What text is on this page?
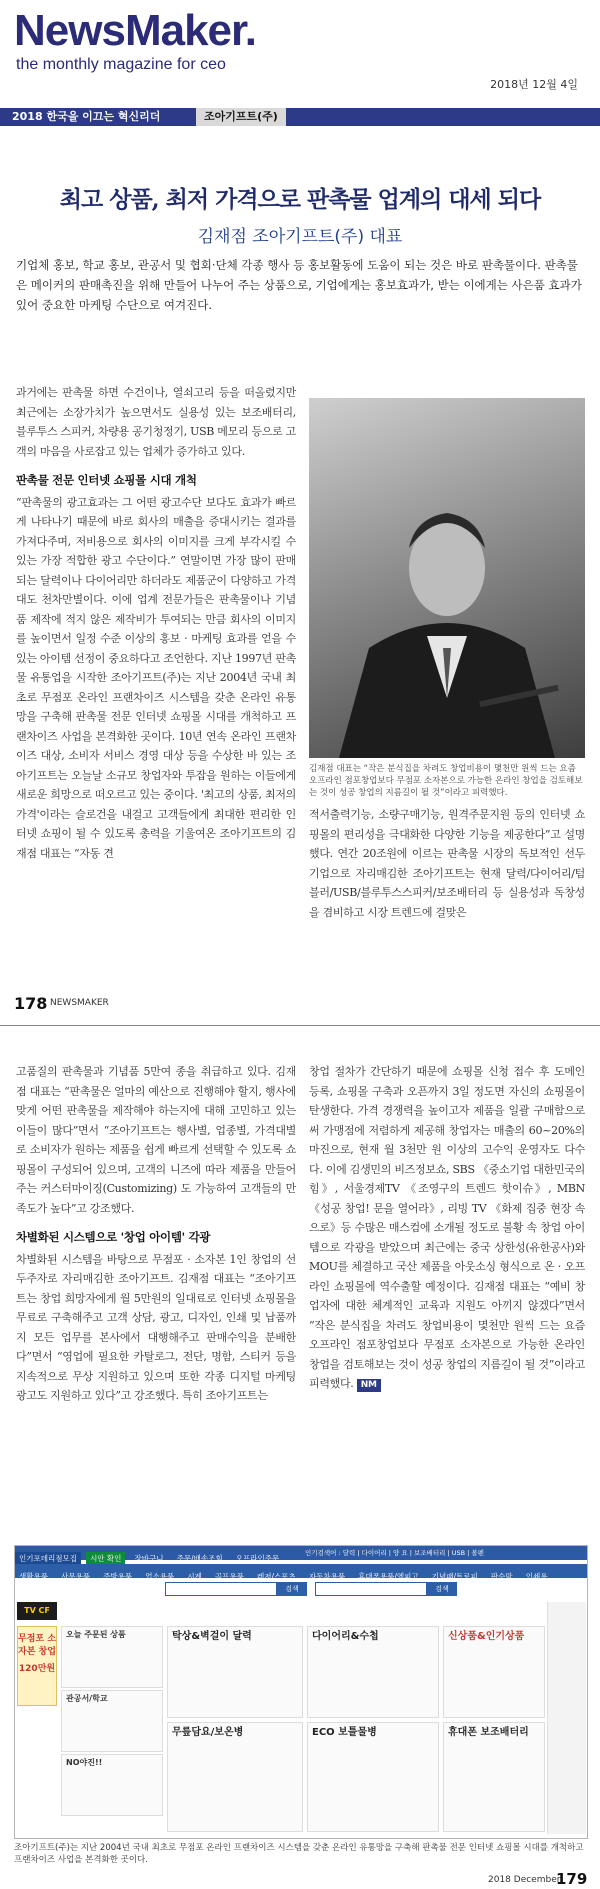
NewsMaker.
the monthly magazine for ceo
2018년 12월 4일
2018 한국을 이끄는 혁신리더	조아기프트(주)
최고 상품, 최저 가격으로 판촉물 업계의 대세 되다
김재점 조아기프트(주) 대표
기업체 홍보, 학교 홍보, 관공서 및 협회·단체 각종 행사 등 홍보활동에 도움이 되는 것은 바로 판촉물이다. 판촉물은 메이커의 판매촉진을 위해 만들어 나누어 주는 상품으로, 기업에게는 홍보효과가, 받는 이에게는 사은품 효과가 있어 중요한 마케팅 수단으로 여겨진다.

과거에는 판촉물 하면 수건이나, 열쇠고리 등을 떠올렸지만 최근에는 소장가치가 높으면서도 실용성 있는 보조배터리, 블루투스 스피커, 차량용 공기청정기, USB 메모리 등으로 고객의 마음을 사로잡고 있는 업체가 증가하고 있다.

판촉물 전문 인터넷 쇼핑몰 시대 개척

“판촉물의 광고효과는 그 어떤 광고수단 보다도 효과가 빠르게 나타나기 때문에 바로 회사의 매출을 증대시키는 결과를 가져다주며, 저비용으로 회사의 이미지를 크게 부각시킬 수 있는 가장 적합한 광고 수단이다.” 연말이면 가장 많이 판매되는 달력이나 다이어리만 하더라도 제품군이 다양하고 가격대도 천차만별이다. 이에 업계 전문가들은 판촉물이나 기념품 제작에 적지 않은 제작비가 투여되는 만큼 회사의 이미지를 높이면서 일정 수준 이상의 홍보 · 마케팅 효과를 얻을 수 있는 아이템 선정이 중요하다고 조언한다. 지난 1997년 판촉물 유통업을 시작한 조아기프트(주)는 지난 2004년 국내 최초로 무점포 온라인 프랜차이즈 시스템을 갖춘 온라인 유통망을 구축해 판촉물 전문 인터넷 쇼핑몰 시대를 개척하고 프랜차이즈 사업을 본격화한 곳이다. 10년 연속 온라인 프랜차이즈 대상, 소비자 서비스 경영 대상 등을 수상한 바 있는 조아기프트는 오늘날 소규모 창업자와 투잡을 원하는 이들에게 새로운 희망으로 떠오르고 있는 중이다. '최고의 상품, 최저의 가격'이라는 슬로건을 내걸고 고객들에게 최대한 편리한 인터넷 쇼핑이 될 수 있도록 총력을 기울여온 조아기프트의 김재점 대표는 “자동 견

김재점 대표는 “작은 분식집을 차려도 창업비용이 몇천만 원씩 드는 요즘 오프라인 점포창업보다 무점포 소자본으로 가능한 온라인 창업을 검토해보는 것이 성공 창업의 지름길이 될 것”이라고 피력했다.

적서출력기능, 소량구매기능, 원격주문지원 등의 인터넷 쇼핑몰의 편리성을 극대화한 다양한 기능을 제공한다”고 설명했다. 연간 20조원에 이르는 판촉물 시장의 독보적인 선두기업으로 자리매김한 조아기프트는 현재 달력/다이어리/텀블러/USB/블루투스스피커/보조배터리 등 실용성과 독창성을 겸비하고 시장 트렌드에 걸맞은

178 NEWSMAKER

고품질의 판촉물과 기념품 5만여 종을 취급하고 있다. 김재점 대표는 “판촉물은 얼마의 예산으로 진행해야 할지, 행사에 맞게 어떤 판촉물을 제작해야 하는지에 대해 고민하고 있는 이들이 많다”면서 “조아기프트는 행사별, 업종별, 가격대별로 소비자가 원하는 제품을 쉽게 빠르게 선택할 수 있도록 쇼핑몰이 구성되어 있으며, 고객의 니즈에 따라 제품을 만들어주는 커스터마이징(Customizing) 도 가능하여 고객들의 만족도가 높다”고 강조했다.

차별화된 시스템으로 '창업 아이템' 각광

차별화된 시스템을 바탕으로 무점포 · 소자본 1인 창업의 선두주자로 자리매김한 조아기프트. 김재점 대표는 “조아기프트는 창업 희망자에게 월 5만원의 일대료로 인터넷 쇼핑몰을 무료로 구축해주고 고객 상담, 광고, 디자인, 인쇄 및 납품까지 모든 업무를 본사에서 대행해주고 판매수익을 분배한다”면서 “영업에 필요한 카탈로그, 전단, 명함, 스티커 등을 지속적으로 무상 지원하고 있으며 또한 각종 디지털 마케팅 광고도 지원하고 있다”고 강조했다. 특히 조아기프트는

창업 절차가 간단하기 때문에 쇼핑몰 신청 접수 후 도메인 등록, 쇼핑몰 구축과 오픈까지 3일 정도면 자신의 쇼핑몰이 탄생한다. 가격 경쟁력을 높이고자 제품을 일괄 구매함으로써 가맹점에 저렴하게 제공해 창업자는 매출의 60~20%의 마진으로, 현재 월 3천만 원 이상의 고수익 운영자도 다수다. 이에 김생민의 비즈정보쇼, SBS 《중소기업 대한민국의 힘》, 서울경제TV 《조영구의 트렌드 핫이슈》, MBN 《성공 창업! 문을 열어라》, 리빙 TV 《화제 집중 현장 속으로》등 수많은 매스컴에 소개될 정도로 불황 속 창업 아이템으로 각광을 받았으며 최근에는 중국 상한성(유한공사)와 MOU를 체결하고 국산 제품을 아웃소싱 형식으로 온 · 오프라인 쇼핑몰에 역수출할 예정이다. 김재점 대표는 “예비 창업자에 대한 체계적인 교육과 지원도 아끼지 않겠다”면서 “작은 분식집을 차려도 창업비용이 몇천만 원씩 드는 요즘 오프라인 점포창업보다 무점포 소자본으로 가능한 온라인 창업을 검토해보는 것이 성공 창업의 지름길이 될 것”이라고 피력했다. NM

인기포데리점모집 시안 확인 장바구니 주문/배송조회 오프라인주문
인기검색어 : 달력 | 다이어리 | 양 요 | 보조배터리 | USB | 볼펜
생활용품 사무용품 주방용품 업소용품 시계 골프용품 레저/스포츠 자동차용품 휴대폰용품/엠피고 기념패/트로피 판수막 인쇄용
검색	검색
TV CF
무점포 소자본 창업
120만원
오늘 주문된 상품
관공서/학교
NO야진!!
탁상&벽걸이 달력	다이어리&수첩	신상품&인기상품
무릎담요/보온병	ECO 보틀물병	휴대폰 보조배터리
조아기프트(주)는 지난 2004년 국내 최초로 무점포 온라인 프랜차이즈 시스템을 갖춘 온라인 유통망을 구축해 판촉물 전문 인터넷 쇼핑몰 시대를 개척하고 프랜차이즈 사업을 본격화한 곳이다.
2018 December
179
